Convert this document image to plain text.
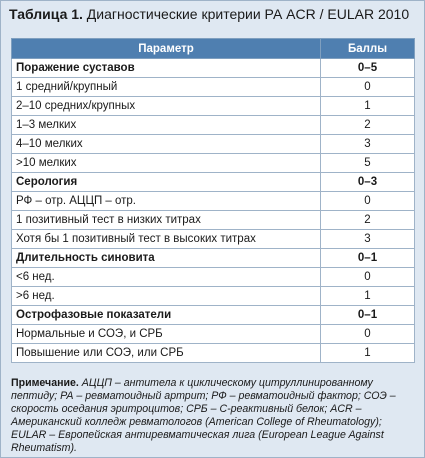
Таблица 1. Диагностические критерии РА ACR / EULAR 2010
Параметр	Баллы
Поражение суставов	0–5
1 средний/крупный	0
2–10 средних/крупных	1
1–3 мелких	2
4–10 мелких	3
>10 мелких	5
Серология	0–3
РФ – отр. АЦЦП – отр.	0
1 позитивный тест в низких титрах	2
Хотя бы 1 позитивный тест в высоких титрах	3
Длительность синовита	0–1
<6 нед.	0
>6 нед.	1
Острофазовые показатели	0–1
Нормальные и СОЭ, и СРБ	0
Повышение или СОЭ, или СРБ	1
Примечание. АЦЦП – антитела к циклическому цитруллинированному пептиду; РА – ревматоидный артрит; РФ – ревматоидный фактор; СОЭ – скорость оседания эритроцитов; СРБ – С-реактивный белок; ACR – Американский колледж ревматологов (American College of Rheumatology); EULAR – Европейская антиревматическая лига (European League Against Rheumatism).
